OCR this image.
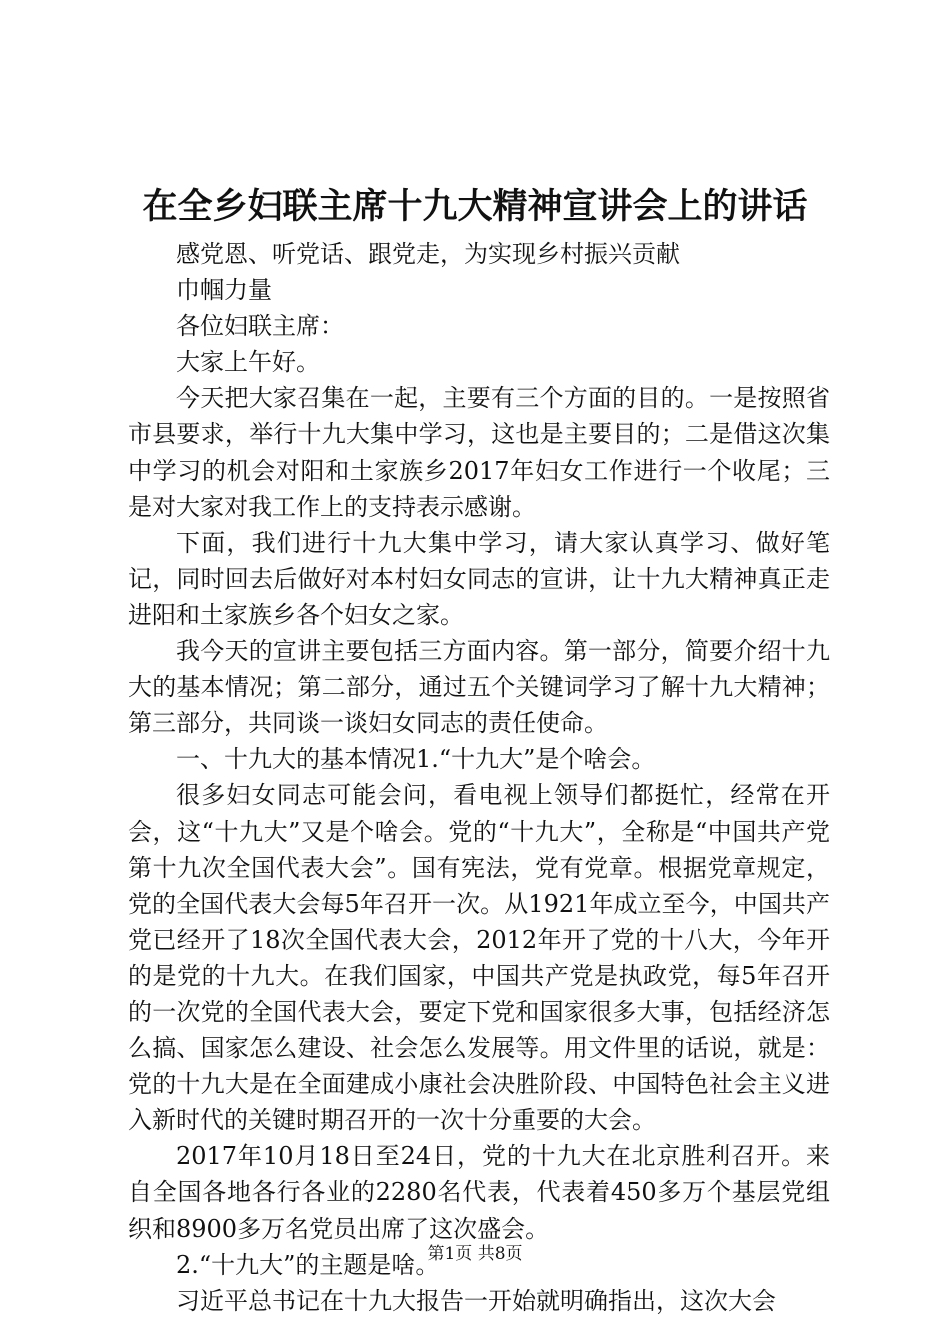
在全乡妇联主席十九大精神宣讲会上的讲话

感党恩、听党话、跟党走，为实现乡村振兴贡献

巾帼力量

各位妇联主席：

大家上午好。

今天把大家召集在一起，主要有三个方面的目的。一是按照省市县要求，举行十九大集中学习，这也是主要目的；二是借这次集中学习的机会对阳和土家族乡2017年妇女工作进行一个收尾；三是对大家对我工作上的支持表示感谢。

下面，我们进行十九大集中学习，请大家认真学习、做好笔记，同时回去后做好对本村妇女同志的宣讲，让十九大精神真正走进阳和土家族乡各个妇女之家。

我今天的宣讲主要包括三方面内容。第一部分，简要介绍十九大的基本情况；第二部分，通过五个关键词学习了解十九大精神；第三部分，共同谈一谈妇女同志的责任使命。

一、十九大的基本情况1.“十九大”是个啥会。

很多妇女同志可能会问，看电视上领导们都挺忙，经常在开会，这“十九大”又是个啥会。党的“十九大”，全称是“中国共产党第十九次全国代表大会”。国有宪法，党有党章。根据党章规定，党的全国代表大会每5年召开一次。从1921年成立至今，中国共产党已经开了18次全国代表大会，2012年开了党的十八大，今年开的是党的十九大。在我们国家，中国共产党是执政党，每5年召开的一次党的全国代表大会，要定下党和国家很多大事，包括经济怎么搞、国家怎么建设、社会怎么发展等。用文件里的话说，就是：党的十九大是在全面建成小康社会决胜阶段、中国特色社会主义进入新时代的关键时期召开的一次十分重要的大会。

2017年10月18日至24日，党的十九大在北京胜利召开。来自全国各地各行各业的2280名代表，代表着450多万个基层党组织和8900多万名党员出席了这次盛会。

2.“十九大”的主题是啥。

习近平总书记在十九大报告一开始就明确指出，这次大会

第1页 共8页
